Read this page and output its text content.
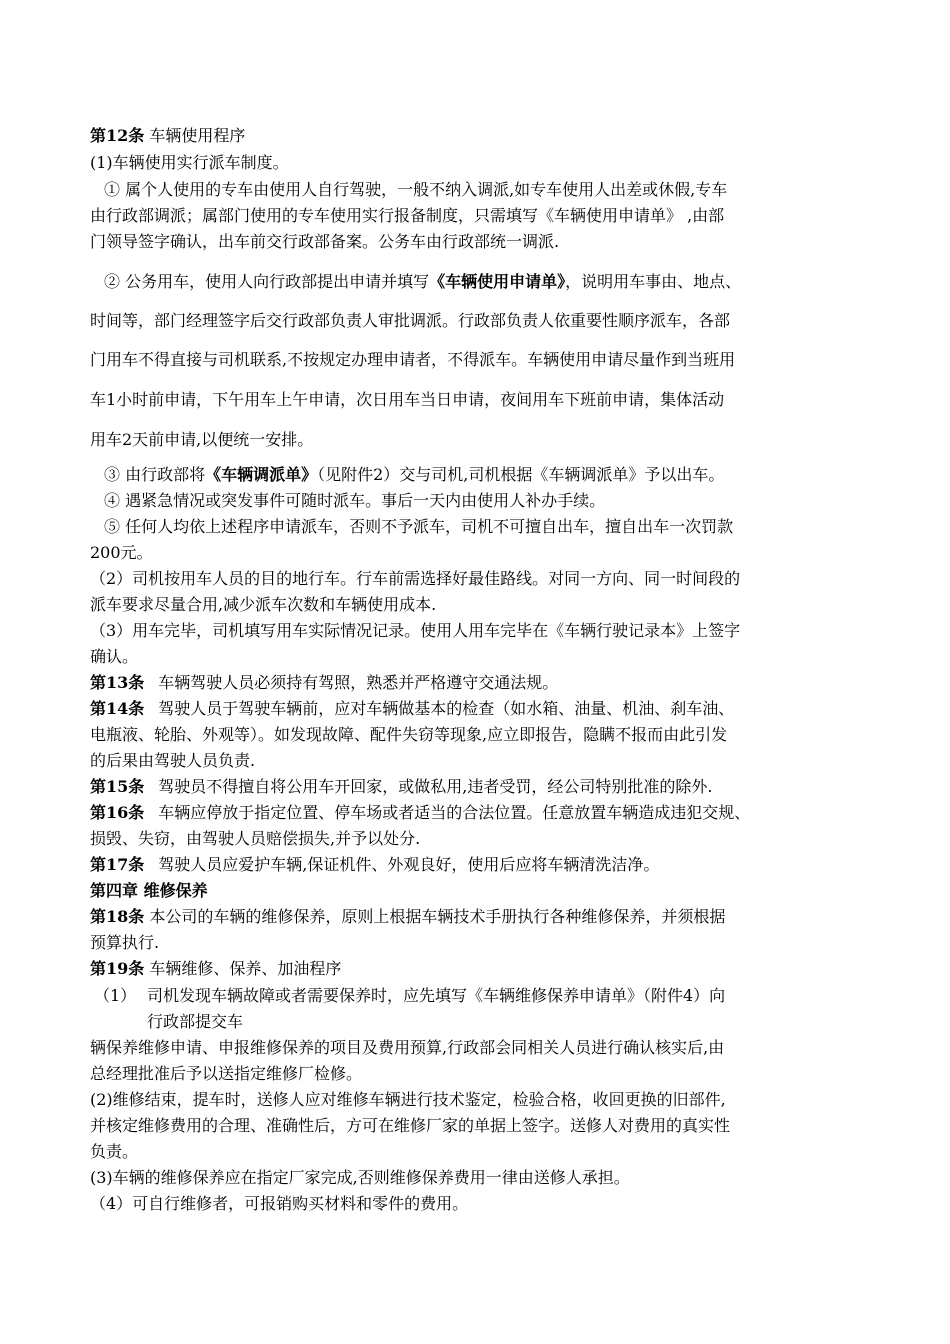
第12条 车辆使用程序
(1)车辆使用实行派车制度。
① 属个人使用的专车由使用人自行驾驶，一般不纳入调派,如专车使用人出差或休假,专车
由行政部调派；属部门使用的专车使用实行报备制度，只需填写《车辆使用申请单》 ,由部
门领导签字确认，出车前交行政部备案。公务车由行政部统一调派.
② 公务用车，使用人向行政部提出申请并填写《车辆使用申请单》，说明用车事由、地点、
时间等，部门经理签字后交行政部负责人审批调派。行政部负责人依重要性顺序派车，各部
门用车不得直接与司机联系,不按规定办理申请者，不得派车。车辆使用申请尽量作到当班用
车1小时前申请，下午用车上午申请，次日用车当日申请，夜间用车下班前申请，集体活动
用车2天前申请,以便统一安排。
③ 由行政部将《车辆调派单》（见附件2）交与司机,司机根据《车辆调派单》予以出车。
④ 遇紧急情况或突发事件可随时派车。事后一天内由使用人补办手续。
⑤ 任何人均依上述程序申请派车，否则不予派车，司机不可擅自出车，擅自出车一次罚款
200元。
（2）司机按用车人员的目的地行车。行车前需选择好最佳路线。对同一方向、同一时间段的
派车要求尽量合用,减少派车次数和车辆使用成本.
（3）用车完毕，司机填写用车实际情况记录。使用人用车完毕在《车辆行驶记录本》上签字
确认。
第13条 车辆驾驶人员必须持有驾照，熟悉并严格遵守交通法规。
第14条 驾驶人员于驾驶车辆前，应对车辆做基本的检查（如水箱、油量、机油、刹车油、
电瓶液、轮胎、外观等）。如发现故障、配件失窃等现象,应立即报告，隐瞒不报而由此引发
的后果由驾驶人员负责.
第15条 驾驶员不得擅自将公用车开回家，或做私用,违者受罚，经公司特别批准的除外.
第16条 车辆应停放于指定位置、停车场或者适当的合法位置。任意放置车辆造成违犯交规、
损毁、失窃，由驾驶人员赔偿损失,并予以处分.
第17条 驾驶人员应爱护车辆,保证机件、外观良好，使用后应将车辆清洗洁净。
第四章 维修保养
第18条 本公司的车辆的维修保养，原则上根据车辆技术手册执行各种维修保养，并须根据
预算执行.
第19条 车辆维修、保养、加油程序
（1） 司机发现车辆故障或者需要保养时，应先填写《车辆维修保养申请单》（附件4）向
行政部提交车
辆保养维修申请、申报维修保养的项目及费用预算,行政部会同相关人员进行确认核实后,由
总经理批准后予以送指定维修厂检修。
(2)维修结束，提车时，送修人应对维修车辆进行技术鉴定，检验合格，收回更换的旧部件,
并核定维修费用的合理、准确性后，方可在维修厂家的单据上签字。送修人对费用的真实性
负责。
(3)车辆的维修保养应在指定厂家完成,否则维修保养费用一律由送修人承担。
（4）可自行维修者，可报销购买材料和零件的费用。
